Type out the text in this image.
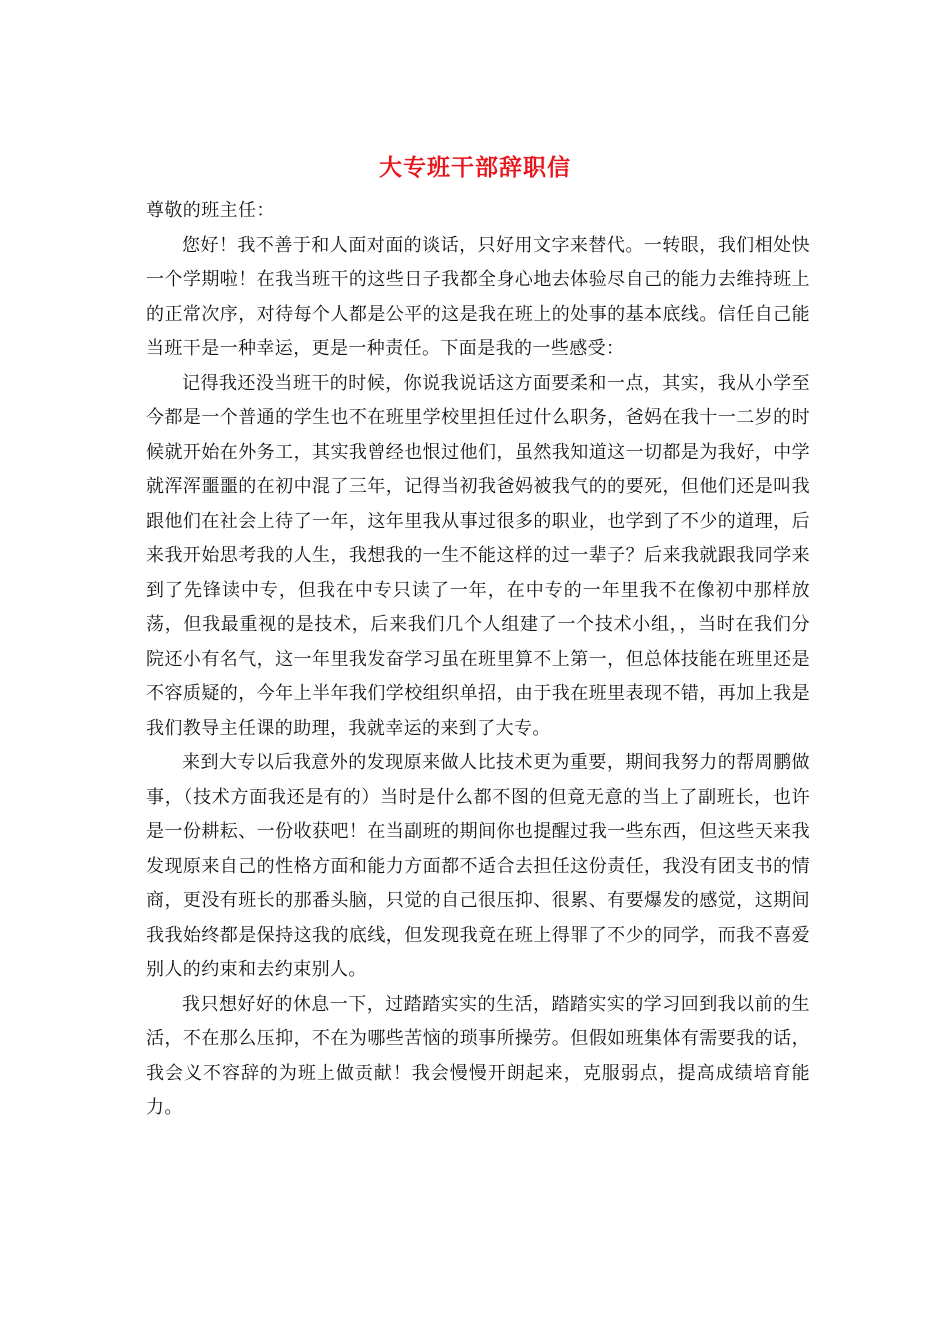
大专班干部辞职信

尊敬的班主任：

您好！我不善于和人面对面的谈话，只好用文字来替代。一转眼，我们相处快一个学期啦！在我当班干的这些日子我都全身心地去体验尽自己的能力去维持班上的正常次序，对待每个人都是公平的这是我在班上的处事的基本底线。信任自己能当班干是一种幸运，更是一种责任。下面是我的一些感受：

记得我还没当班干的时候，你说我说话这方面要柔和一点，其实，我从小学至今都是一个普通的学生也不在班里学校里担任过什么职务，爸妈在我十一二岁的时候就开始在外务工，其实我曾经也恨过他们，虽然我知道这一切都是为我好，中学就浑浑噩噩的在初中混了三年，记得当初我爸妈被我气的的要死，但他们还是叫我跟他们在社会上待了一年，这年里我从事过很多的职业，也学到了不少的道理，后来我开始思考我的人生，我想我的一生不能这样的过一辈子？后来我就跟我同学来到了先锋读中专，但我在中专只读了一年，在中专的一年里我不在像初中那样放荡，但我最重视的是技术，后来我们几个人组建了一个技术小组，，当时在我们分院还小有名气，这一年里我发奋学习虽在班里算不上第一，但总体技能在班里还是不容质疑的，今年上半年我们学校组织单招，由于我在班里表现不错，再加上我是我们教导主任课的助理，我就幸运的来到了大专。

来到大专以后我意外的发现原来做人比技术更为重要，期间我努力的帮周鹏做事，（技术方面我还是有的）当时是什么都不图的但竟无意的当上了副班长，也许是一份耕耘、一份收获吧！在当副班的期间你也提醒过我一些东西，但这些天来我发现原来自己的性格方面和能力方面都不适合去担任这份责任，我没有团支书的情商，更没有班长的那番头脑，只觉的自己很压抑、很累、有要爆发的感觉，这期间我我始终都是保持这我的底线，但发现我竟在班上得罪了不少的同学，而我不喜爱别人的约束和去约束别人。

我只想好好的休息一下，过踏踏实实的生活，踏踏实实的学习回到我以前的生活，不在那么压抑，不在为哪些苦恼的琐事所操劳。但假如班集体有需要我的话，我会义不容辞的为班上做贡献！我会慢慢开朗起来，克服弱点，提高成绩培育能力。
